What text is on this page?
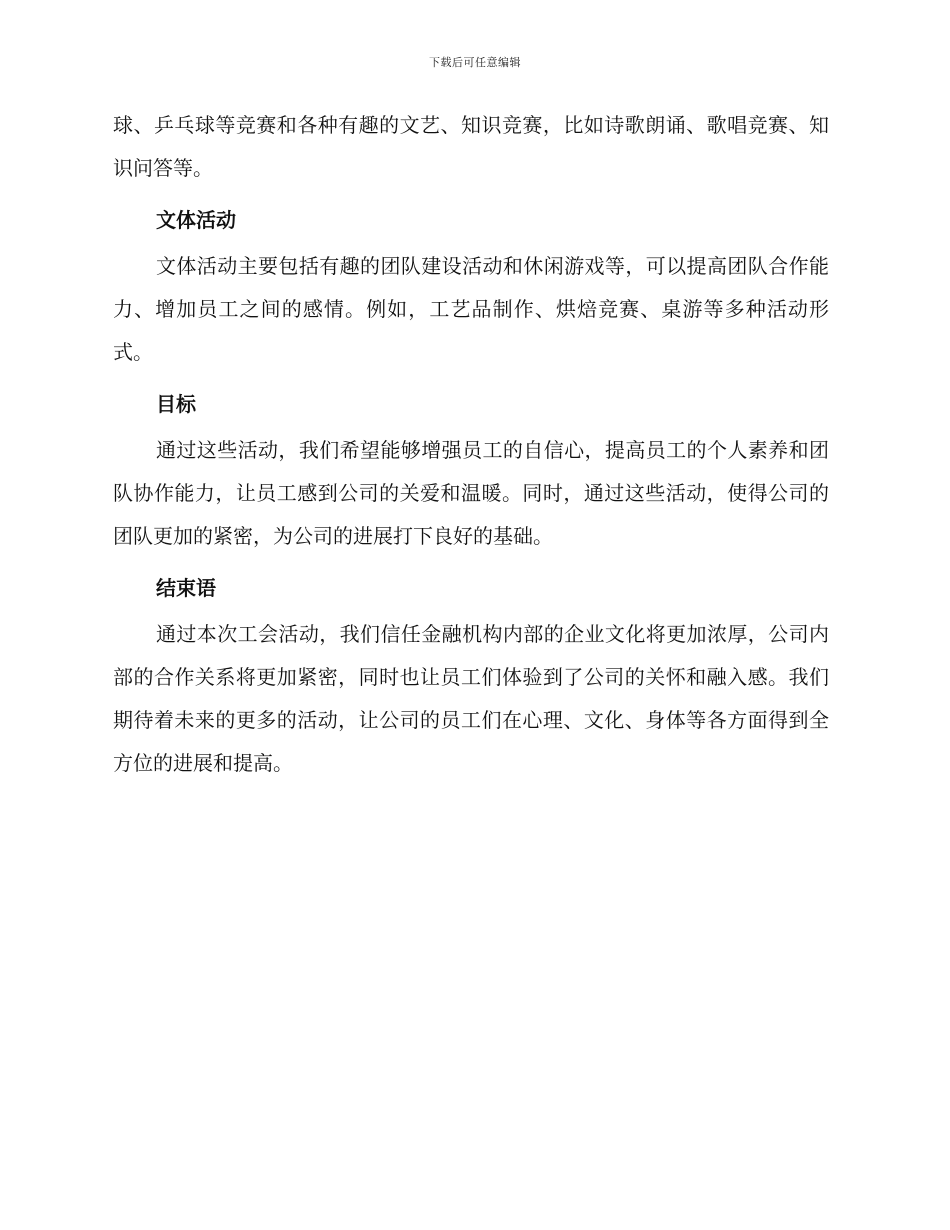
下载后可任意编辑

球、乒乓球等竞赛和各种有趣的文艺、知识竞赛，比如诗歌朗诵、歌唱竞赛、知识问答等。

文体活动

文体活动主要包括有趣的团队建设活动和休闲游戏等，可以提高团队合作能力、增加员工之间的感情。例如，工艺品制作、烘焙竞赛、桌游等多种活动形式。

目标

通过这些活动，我们希望能够增强员工的自信心，提高员工的个人素养和团队协作能力，让员工感到公司的关爱和温暖。同时，通过这些活动，使得公司的团队更加的紧密，为公司的进展打下良好的基础。

结束语

通过本次工会活动，我们信任金融机构内部的企业文化将更加浓厚，公司内部的合作关系将更加紧密，同时也让员工们体验到了公司的关怀和融入感。我们期待着未来的更多的活动，让公司的员工们在心理、文化、身体等各方面得到全方位的进展和提高。
